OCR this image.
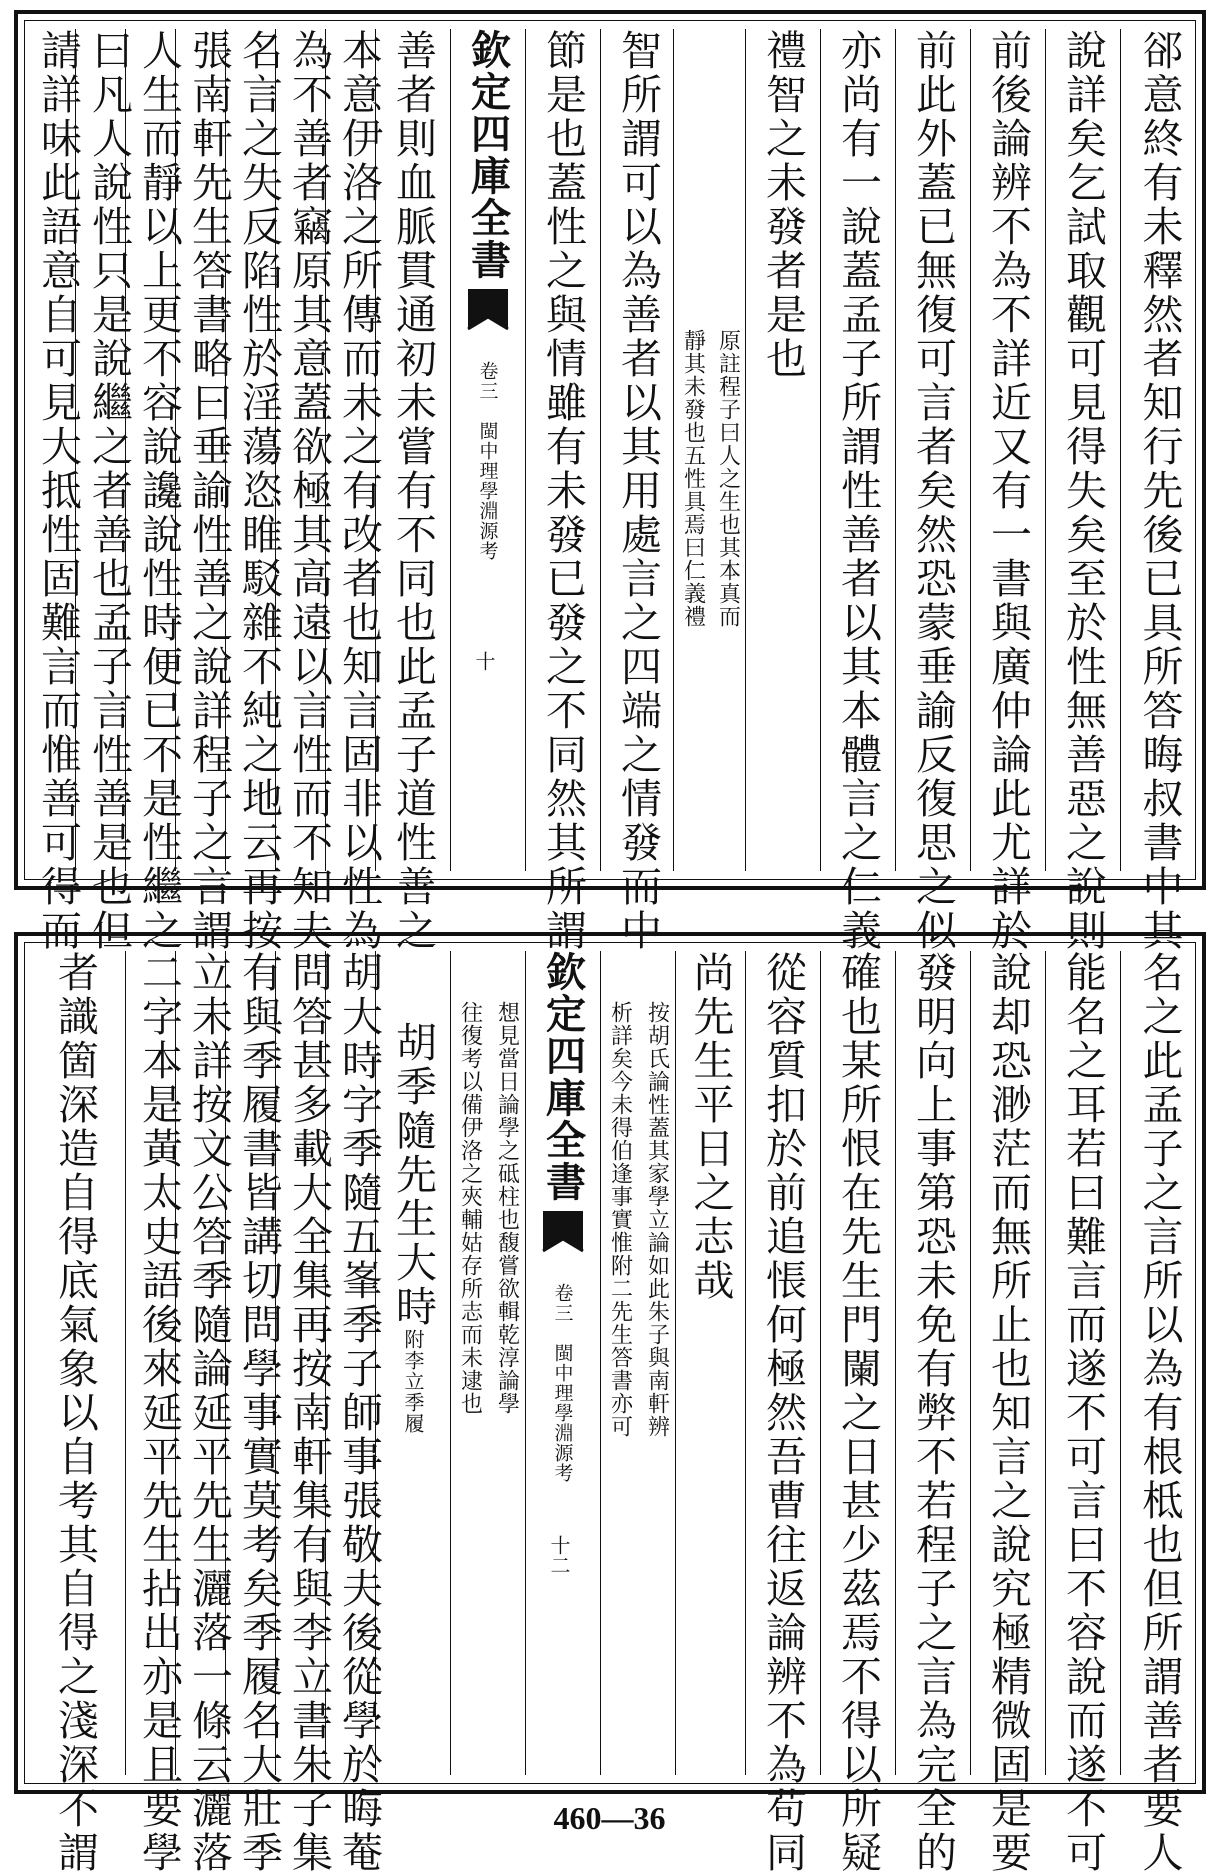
郤意終有未釋然者知行先後已具所答晦叔書中其
說詳矣乞試取觀可見得失矣至於性無善惡之說則
前後論辨不為不詳近又有一書與廣仲論此尤詳於
前此外蓋已無復可言者矣然恐蒙垂諭反復思之似
亦尚有一說蓋孟子所謂性善者以其本體言之仁義
禮智之未發者是也
原註程子曰人之生也其本真而
靜其未發也五性具焉曰仁義禮
智所謂可以為善者以其用處言之四端之情發而中
節是也蓋性之與情雖有未發已發之不同然其所謂
欽定四庫全書
卷三　閩中理學淵源考
十
善者則血脈貫通初未嘗有不同也此孟子道性善之
本意伊洛之所傳而未之有改者也知言固非以性為
為不善者竊原其意蓋欲極其高遠以言性而不知夫
名言之失反陷性於淫蕩恣睢駁雜不純之地云再按
張南軒先生答書略曰垂諭性善之說詳程子之言謂
人生而靜以上更不容說讒說性時便已不是性繼之
曰凡人說性只是說繼之者善也孟子言性善是也但
請詳味此語意自可見大抵性固難言而惟善可得而
名之此孟子之言所以為有根柢也但所謂善者要人
能名之耳若曰難言而遂不可言曰不容說而遂不可
說却恐渺茫而無所止也知言之說究極精微固是要
發明向上事第恐未免有弊不若程子之言為完全的
確也某所恨在先生門闌之日甚少茲焉不得以所疑
從容質扣於前追悵何極然吾曹往返論辨不為苟同
尚先生平日之志哉
按胡氏論性蓋其家學立論如此朱子與南軒辨
析詳矣今未得伯逢事實惟附二先生答書亦可
欽定四庫全書
卷三　閩中理學淵源考
十二
想見當日論學之砥柱也馥嘗欲輯乾淳論學
往復考以備伊洛之夾輔姑存所志而未逮也
胡季隨先生大時
附李立季履
胡大時字季隨五峯季子師事張敬夫後從學於晦菴
問答甚多載大全集再按南軒集有與李立書朱子集
有與季履書皆講切問學事實莫考矣季履名大壯季
立未詳按文公答季隨論延平先生灑落一條云灑落
二字本是黃太史語後來延平先生拈出亦是且要學
者識箇深造自得底氣象以自考其自得之淺深不謂	460—36
